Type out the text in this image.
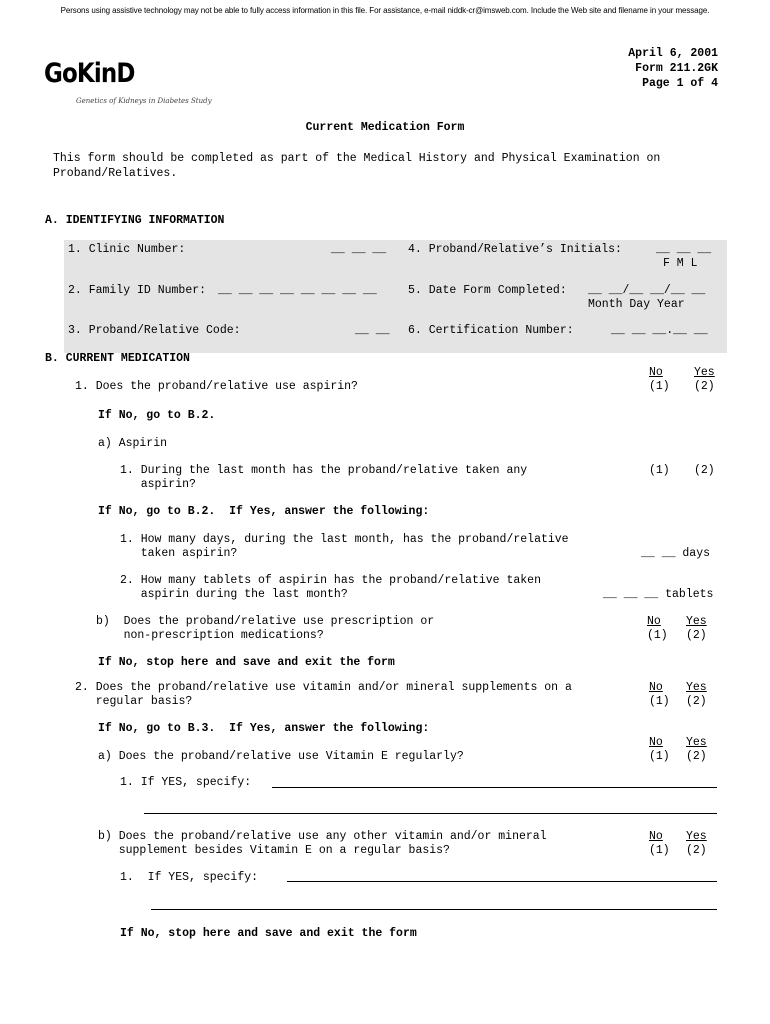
Persons using assistive technology may not be able to fully access information in this file. For assistance, e-mail niddk-cr@imsweb.com. Include the Web site and filename in your message.
GoKinD
Genetics of Kidneys in Diabetes Study
April 6, 2001
Form 211.2GK
Page 1 of 4
Current Medication Form
This form should be completed as part of the Medical History and Physical Examination on
Proband/Relatives.
A. IDENTIFYING INFORMATION
1. Clinic Number:	__ __ __
2. Family ID Number: __ __ __ __ __ __ __ __
3. Proband/Relative Code:	__ __
4. Proband/Relative’s Initials:	__ __ __
F M L
5. Date Form Completed: __ __/__ __/__ __
Month Day Year
6. Certification Number:	__ __ __.__ __
B. CURRENT MEDICATION
No	Yes
1. Does the proband/relative use aspirin?	(1) (2)
If No, go to B.2.
a) Aspirin
1. During the last month has the proband/relative taken any
aspirin?
(1) (2)
If No, go to B.2.  If Yes, answer the following:
1. How many days, during the last month, has the proband/relative
taken aspirin?	__ __ days
2. How many tablets of aspirin has the proband/relative taken
aspirin during the last month?	__ __ __ tablets
b)  Does the proband/relative use prescription or
non-prescription medications?
No Yes
(1) (2)
If No, stop here and save and exit the form
2. Does the proband/relative use vitamin and/or mineral supplements on a
regular basis?
No Yes
(1) (2)
If No, go to B.3.  If Yes, answer the following:
No Yes
a) Does the proband/relative use Vitamin E regularly?	(1) (2)
1. If YES, specify:
b) Does the proband/relative use any other vitamin and/or mineral
supplement besides Vitamin E on a regular basis?
No Yes
(1) (2)
1.  If YES, specify:
If No, stop here and save and exit the form
